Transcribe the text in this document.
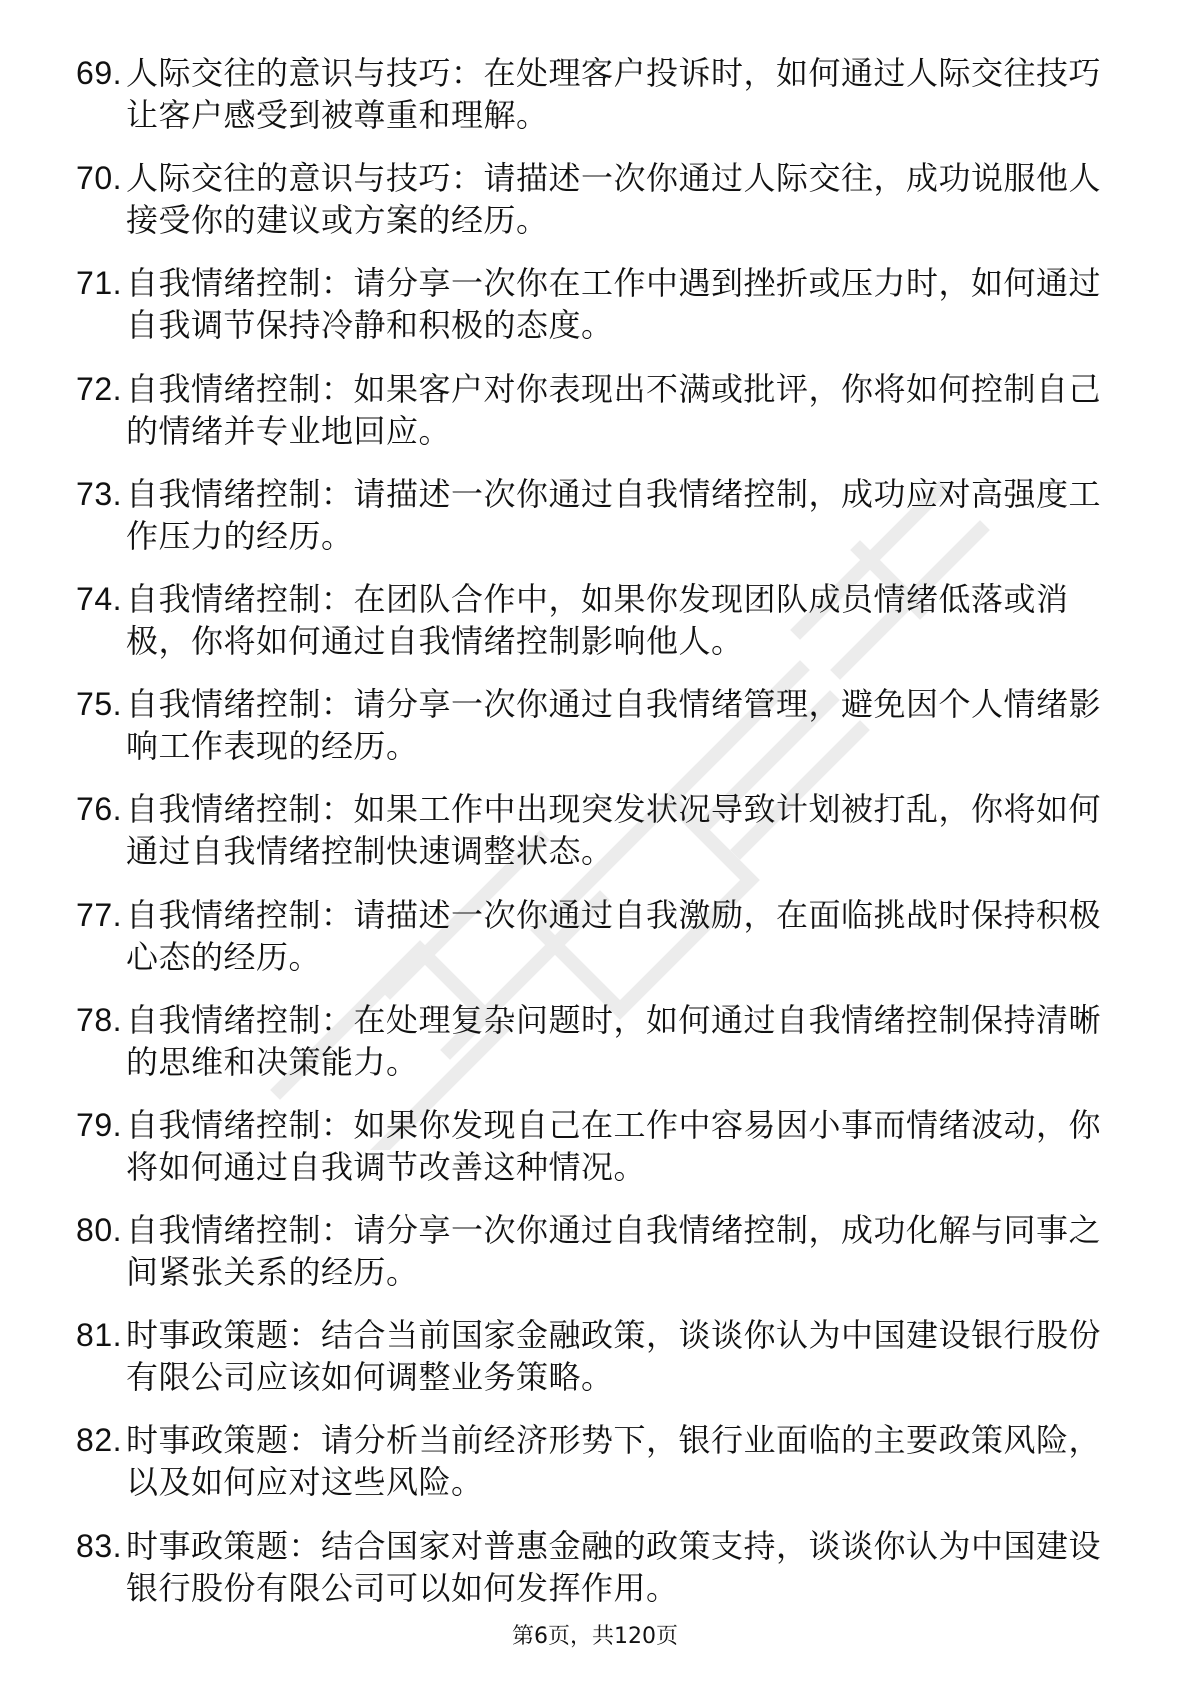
69. 人际交往的意识与技巧：在处理客户投诉时，如何通过人际交往技巧让客户感受到被尊重和理解。
70. 人际交往的意识与技巧：请描述一次你通过人际交往，成功说服他人接受你的建议或方案的经历。
71. 自我情绪控制：请分享一次你在工作中遇到挫折或压力时，如何通过自我调节保持冷静和积极的态度。
72. 自我情绪控制：如果客户对你表现出不满或批评，你将如何控制自己的情绪并专业地回应。
73. 自我情绪控制：请描述一次你通过自我情绪控制，成功应对高强度工作压力的经历。
74. 自我情绪控制：在团队合作中，如果你发现团队成员情绪低落或消极，你将如何通过自我情绪控制影响他人。
75. 自我情绪控制：请分享一次你通过自我情绪管理，避免因个人情绪影响工作表现的经历。
76. 自我情绪控制：如果工作中出现突发状况导致计划被打乱，你将如何通过自我情绪控制快速调整状态。
77. 自我情绪控制：请描述一次你通过自我激励，在面临挑战时保持积极心态的经历。
78. 自我情绪控制：在处理复杂问题时，如何通过自我情绪控制保持清晰的思维和决策能力。
79. 自我情绪控制：如果你发现自己在工作中容易因小事而情绪波动，你将如何通过自我调节改善这种情况。
80. 自我情绪控制：请分享一次你通过自我情绪控制，成功化解与同事之间紧张关系的经历。
81. 时事政策题：结合当前国家金融政策，谈谈你认为中国建设银行股份有限公司应该如何调整业务策略。
82. 时事政策题：请分析当前经济形势下，银行业面临的主要政策风险，以及如何应对这些风险。
83. 时事政策题：结合国家对普惠金融的政策支持，谈谈你认为中国建设银行股份有限公司可以如何发挥作用。
第6页，共120页
